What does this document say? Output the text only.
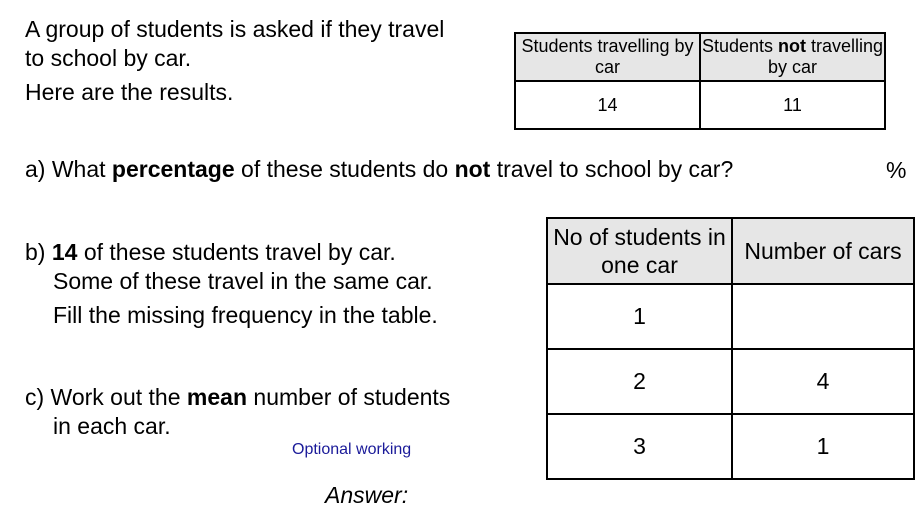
A group of students is asked if they travel
to school by car.
Here are the results.
Students travelling by car	Students not travelling by car
14	11
a) What percentage of these students do not travel to school by car?	%
b) 14 of these students travel by car.
Some of these travel in the same car.
Fill the missing frequency in the table.
No of students in one car	Number of cars
1	
2	4
3	1
c) Work out the mean number of students
in each car.
Optional working
Answer:
